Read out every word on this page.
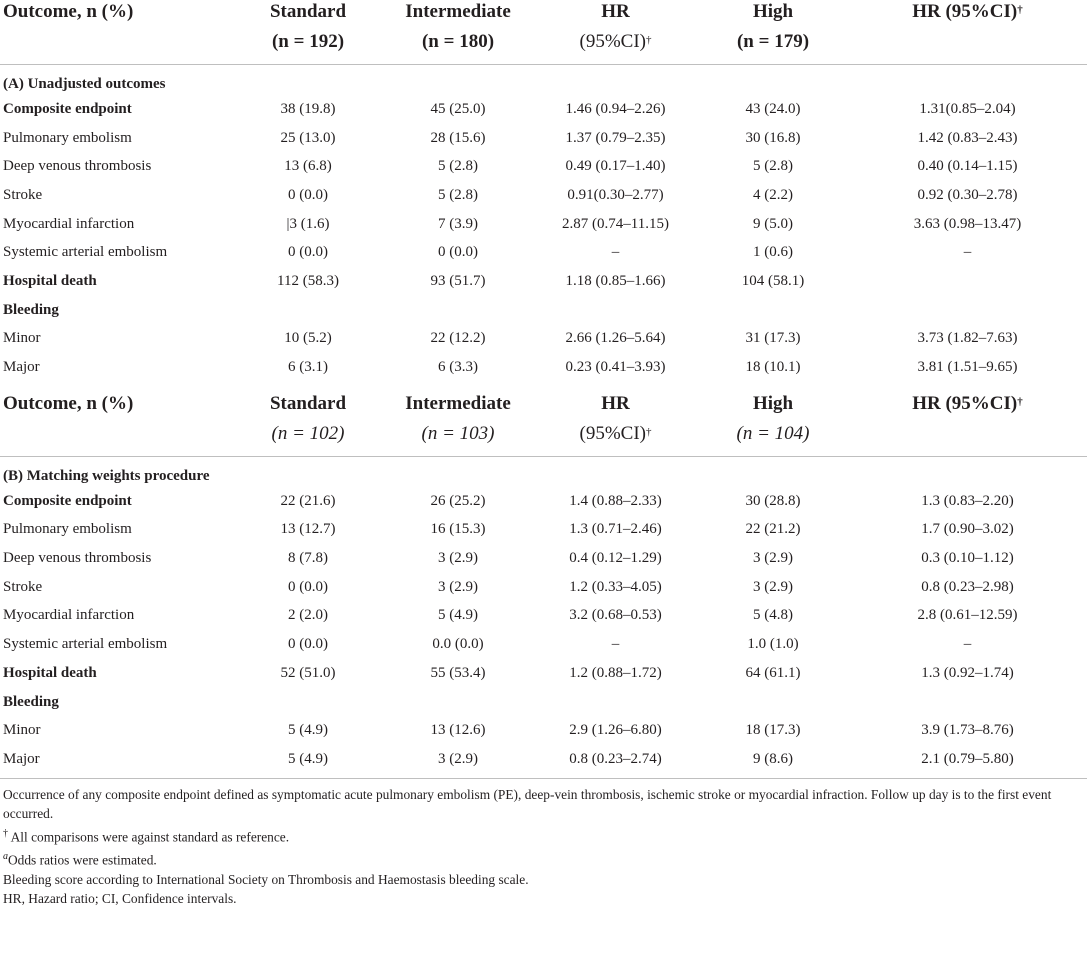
Outcome, n (%)	Standard	Intermediate	HR	High	HR (95%CI)†
	(n = 192)	(n = 180)	(95%CI)†	(n = 179)	
(A) Unadjusted outcomes					
Composite endpoint	38 (19.8)	45 (25.0)	1.46 (0.94–2.26)	43 (24.0)	1.31(0.85–2.04)
Pulmonary embolism	25 (13.0)	28 (15.6)	1.37 (0.79–2.35)	30 (16.8)	1.42 (0.83–2.43)
Deep venous thrombosis	13 (6.8)	5 (2.8)	0.49 (0.17–1.40)	5 (2.8)	0.40 (0.14–1.15)
Stroke	0 (0.0)	5 (2.8)	0.91(0.30–2.77)	4 (2.2)	0.92 (0.30–2.78)
Myocardial infarction	|3 (1.6)	7 (3.9)	2.87 (0.74–11.15)	9 (5.0)	3.63 (0.98–13.47)
Systemic arterial embolism	0 (0.0)	0 (0.0)	–	1 (0.6)	–
Hospital death	112 (58.3)	93 (51.7)	1.18 (0.85–1.66)	104 (58.1)	
Bleeding					
Minor	10 (5.2)	22 (12.2)	2.66 (1.26–5.64)	31 (17.3)	3.73 (1.82–7.63)
Major	6 (3.1)	6 (3.3)	0.23 (0.41–3.93)	18 (10.1)	3.81 (1.51–9.65)
Outcome, n (%)	Standard	Intermediate	HR	High	HR (95%CI)†
	(n = 102)	(n = 103)	(95%CI)†	(n = 104)	
(B) Matching weights procedure					
Composite endpoint	22 (21.6)	26 (25.2)	1.4 (0.88–2.33)	30 (28.8)	1.3 (0.83–2.20)
Pulmonary embolism	13 (12.7)	16 (15.3)	1.3 (0.71–2.46)	22 (21.2)	1.7 (0.90–3.02)
Deep venous thrombosis	8 (7.8)	3 (2.9)	0.4 (0.12–1.29)	3 (2.9)	0.3 (0.10–1.12)
Stroke	0 (0.0)	3 (2.9)	1.2 (0.33–4.05)	3 (2.9)	0.8 (0.23–2.98)
Myocardial infarction	2 (2.0)	5 (4.9)	3.2 (0.68–0.53)	5 (4.8)	2.8 (0.61–12.59)
Systemic arterial embolism	0 (0.0)	0.0 (0.0)	–	1.0 (1.0)	–
Hospital death	52 (51.0)	55 (53.4)	1.2 (0.88–1.72)	64 (61.1)	1.3 (0.92–1.74)
Bleeding					
Minor	5 (4.9)	13 (12.6)	2.9 (1.26–6.80)	18 (17.3)	3.9 (1.73–8.76)
Major	5 (4.9)	3 (2.9)	0.8 (0.23–2.74)	9 (8.6)	2.1 (0.79–5.80)

Occurrence of any composite endpoint defined as symptomatic acute pulmonary embolism (PE), deep-vein thrombosis, ischemic stroke or myocardial infraction. Follow up day is to the first event occurred.
† All comparisons were against standard as reference.
$^a$Odds ratios were estimated.
Bleeding score according to International Society on Thrombosis and Haemostasis bleeding scale.
HR, Hazard ratio; CI, Confidence intervals.
